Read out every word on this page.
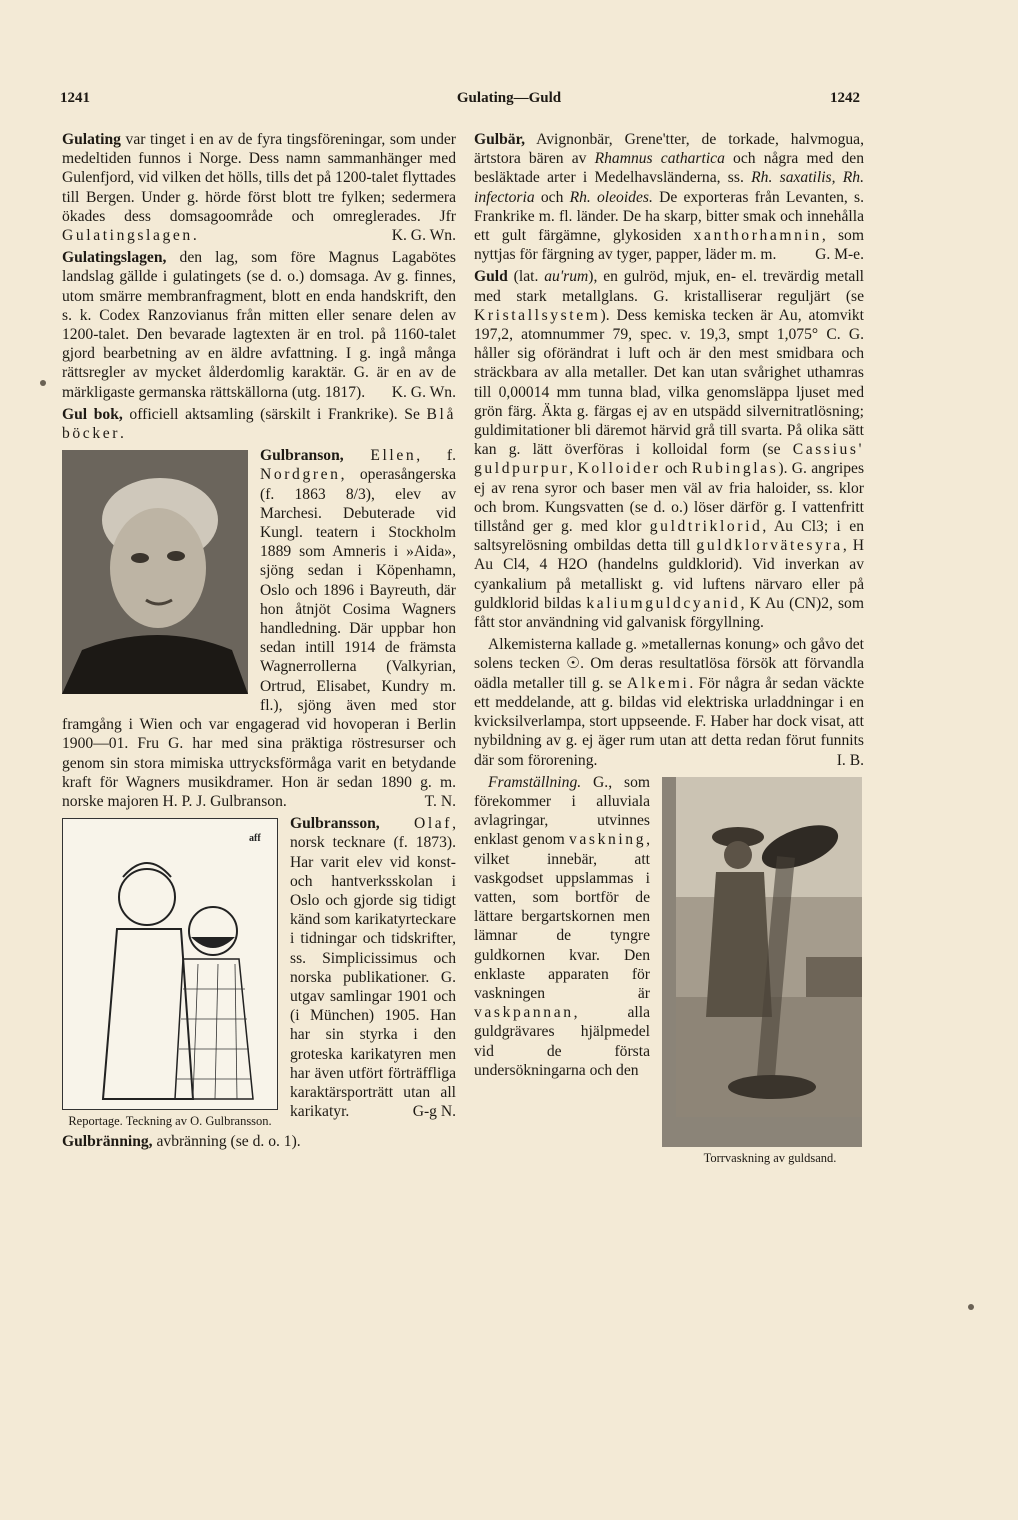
1241	Gulating—Guld	1242

Gulating var tinget i en av de fyra tingsföreningar, som under medeltiden funnos i Norge. Dess namn sammanhänger med Gulenfjord, vid vilken det hölls, tills det på 1200-talet flyttades till Bergen. Under g. hörde först blott tre fylken; sedermera ökades dess domsagoområde och omreglerades. Jfr Gulatingslagen.	K. G. Wn.

Gulatingslagen, den lag, som före Magnus Lagabötes landslag gällde i gulatingets (se d. o.) domsaga. Av g. finnes, utom smärre membranfragment, blott en enda handskrift, den s. k. Codex Ranzovianus från mitten eller senare delen av 1200-talet. Den bevarade lagtexten är en trol. på 1160-talet gjord bearbetning av en äldre avfattning. I g. ingå många rättsregler av mycket ålderdomlig karaktär. G. är en av de märkligaste germanska rättskällorna (utg. 1817). K. G. Wn.

Gul bok, officiell aktsamling (särskilt i Frankrike). Se Blå böcker.

Gulbranson, Ellen, f. Nordgren, operasångerska (f. 1863 8/3), elev av Marchesi. Debuterade vid Kungl. teatern i Stockholm 1889 som Amneris i »Aida», sjöng sedan i Köpenhamn, Oslo och 1896 i Bayreuth, där hon åtnjöt Cosima Wagners handledning. Där uppbar hon sedan intill 1914 de främsta Wagnerrollerna (Valkyrian, Ortrud, Elisabet, Kundry m. fl.), sjöng även med stor framgång i Wien och var engagerad vid hovoperan i Berlin 1900—01. Fru G. har med sina präktiga röstresurser och genom sin stora mimiska uttrycksförmåga varit en betydande kraft för Wagners musikdramer. Hon är sedan 1890 g. m. norske majoren H. P. J. Gulbranson.	T. N.

aff
Reportage. Teckning av O. Gulbransson.
Gulbransson, Olaf, norsk tecknare (f. 1873). Har varit elev vid konst- och hantverksskolan i Oslo och gjorde sig tidigt känd som karikatyrteckare i tidningar och tidskrifter, ss. Simplicissimus och norska publikationer. G. utgav samlingar 1901 och (i München) 1905. Han har sin styrka i den groteska karikatyren men har även utfört förträffliga karaktärsporträtt utan all karikatyr.	G-g N.

Gulbränning, avbränning (se d. o. 1).

Gulbär, Avignonbär, Grene'tter, de torkade, halvmogua, ärtstora bären av Rhamnus cathartica och några med den besläktade arter i Medelhavsländerna, ss. Rh. saxatilis, Rh. infectoria och Rh. oleoides. De exporteras från Levanten, s. Frankrike m. fl. länder. De ha skarp, bitter smak och innehålla ett gult färgämne, glykosiden xanthorhamnin, som nyttjas för färgning av tyger, papper, läder m. m. G. M-e.

Guld (lat. au'rum), en gulröd, mjuk, en- el. trevärdig metall med stark metallglans. G. kristalliserar reguljärt (se Kristallsystem). Dess kemiska tecken är Au, atomvikt 197,2, atomnummer 79, spec. v. 19,3, smpt 1,075° C. G. håller sig oförändrat i luft och är den mest smidbara och sträckbara av alla metaller. Det kan utan svårighet uthamras till 0,00014 mm tunna blad, vilka genomsläppa ljuset med grön färg. Äkta g. färgas ej av en utspädd silvernitratlösning; guldimitationer bli däremot härvid grå till svarta. På olika sätt kan g. lätt överföras i kolloidal form (se Cassius' guldpurpur, Kolloider och Rubinglas). G. angripes ej av rena syror och baser men väl av fria haloider, ss. klor och brom. Kungsvatten (se d. o.) löser därför g. I vattenfritt tillstånd ger g. med klor guldtriklorid, Au Cl3; i en saltsyrelösning ombildas detta till guldklorvätesyra, H Au Cl4, 4 H2O (handelns guldklorid). Vid inverkan av cyankalium på metalliskt g. vid luftens närvaro eller på guldklorid bildas kaliumguldcyanid, K Au (CN)2, som fått stor användning vid galvanisk förgyllning.

Alkemisterna kallade g. »metallernas konung» och gåvo det solens tecken ☉. Om deras resultatlösa försök att förvandla oädla metaller till g. se Alkemi. För några år sedan väckte ett meddelande, att g. bildas vid elektriska urladdningar i en kvicksilverlampa, stort uppseende. F. Haber har dock visat, att nybildning av g. ej äger rum utan att detta redan förut funnits där som förorening.	I. B.

Torrvaskning av guldsand.
Framställning. G., som förekommer i alluviala avlagringar, utvinnes enklast genom vaskning, vilket innebär, att vaskgodset uppslammas i vatten, som bortför de lättare bergartskornen men lämnar de tyngre guldkornen kvar. Den enklaste apparaten för vaskningen är vaskpannan, alla guldgrävares hjälpmedel vid de första undersökningarna och den
